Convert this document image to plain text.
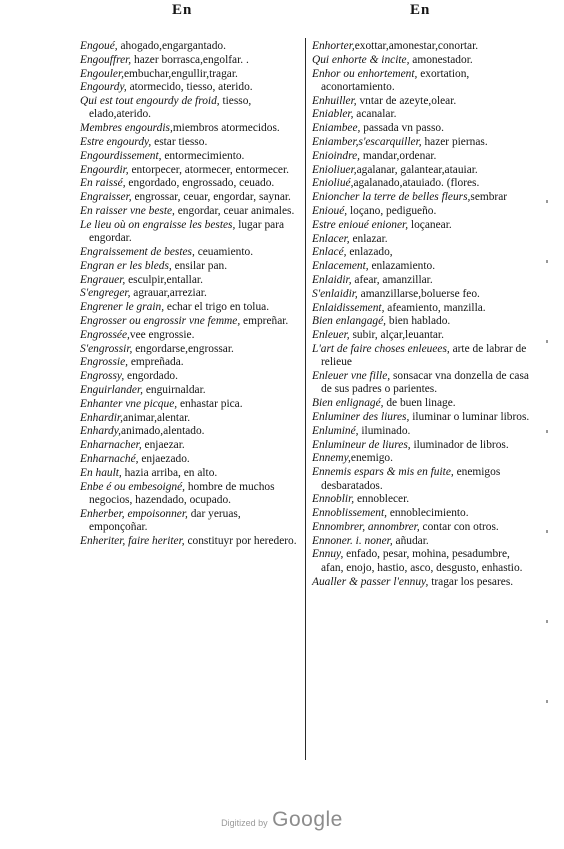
En	En
Engoué, ahogado,engargantado.
Engouffrer, hazer borrasca,engolfar. .
Engouler,embuchar,engullir,tragar.
Engourdy, atormecido, tiesso, aterido.
Qui est tout engourdy de froid, tiesso, elado,aterido.
Membres engourdis,miembros atormecidos.
Estre engourdy, estar tiesso.
Engourdissement, entormecimiento.
Engourdir, entorpecer, atormecer, entormecer.
En raissé, engordado, engrossado, ceuado.
Engraisser, engrossar, ceuar, engordar, saynar.
En raisser vne beste, engordar, ceuar animales.
Le lieu où on engraisse les bestes, lugar para engordar.
Engraissement de bestes, ceuamiento.
Engran er les bleds, ensilar pan.
Engrauer, esculpir,entallar.
S'engreger, agrauar,arreziar.
Engrener le grain, echar el trigo en tolua.
Engrosser ou engrossir vne femme, empreñar.
Engrossée,vee engrossie.
S'engrossir, engordarse,engrossar.
Engrossie, empreñada.
Engrossy, engordado.
Enguirlander, enguirnaldar.
Enhanter vne picque, enhastar pica.
Enhardir,animar,alentar.
Enhardy,animado,alentado.
Enharnacher, enjaezar.
Enharnaché, enjaezado.
En hault, hazia arriba, en alto.
Enbe é ou embesoigné, hombre de muchos negocios, hazendado, ocupado.
Enherber, empoisonner, dar yeruas, emponçoñar.
Enheriter, faire heriter, constituyr por heredero.
Enhorter,exottar,amonestar,conortar.
Qui enhorte & incite, amonestador.
Enhor ou enhortement, exortation, aconortamiento.
Enhuiller, vntar de azeyte,olear.
Eniabler, acanalar.
Eniambee, passada vn passo.
Eniamber,s'escarquiller, hazer piernas.
Enioindre, mandar,ordenar.
Enioliuer,agalanar, galantear,atauiar.
Enioliué,agalanado,atauiado. (flores.
Enioncher la terre de belles fleurs,sembrar
Enioué, loçano, pedigueño.
Estre enioué enioner, loçanear.
Enlacer, enlazar.
Enlacé, enlazado,
Enlacement, enlazamiento.
Enlaidir, afear, amanzillar.
S'enlaidir, amanzillarse,boluerse feo.
Enlaidissement, afeamiento, manzilla.
Bien enlangagé, bien hablado.
Enleuer, subir, alçar,leuantar.
L'art de faire choses enleuees, arte de labrar de relieue
Enleuer vne fille, sonsacar vna donzella de casa de sus padres o parientes.
Bien enlignagé, de buen linage.
Enluminer des liures, iluminar o luminar libros.
Enluminé, iluminado.
Enlumineur de liures, iluminador de libros.
Ennemy,enemigo.
Ennemis espars & mis en fuite, enemigos desbaratados.
Ennoblir, ennoblecer.
Ennoblissement, ennoblecimiento.
Ennombrer, annombrer, contar con otros.
Ennoner. i. noner, añudar.
Ennuy, enfado, pesar, mohina, pesadumbre, afan, enojo, hastio, asco, desgusto, enhastio.
Aualler & passer l'ennuy, tragar los pesares.
Digitized by Google
